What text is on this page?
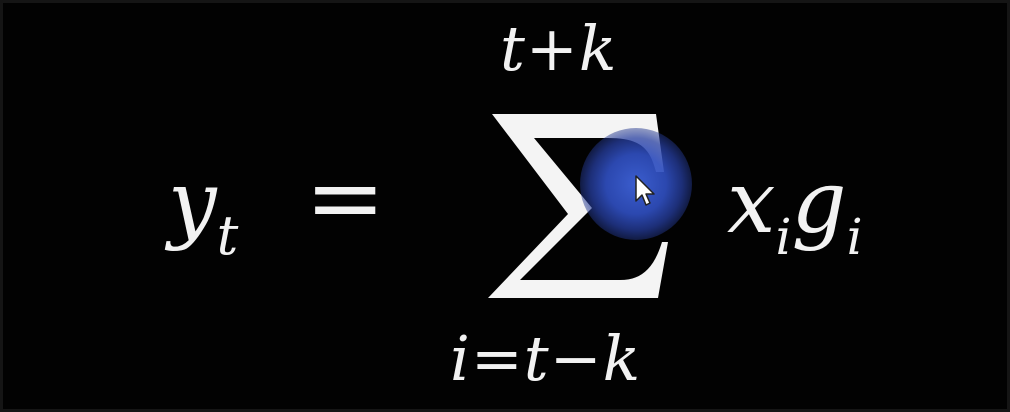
t+k
$y_t$ =	$x_ig_i$
i=t−k
